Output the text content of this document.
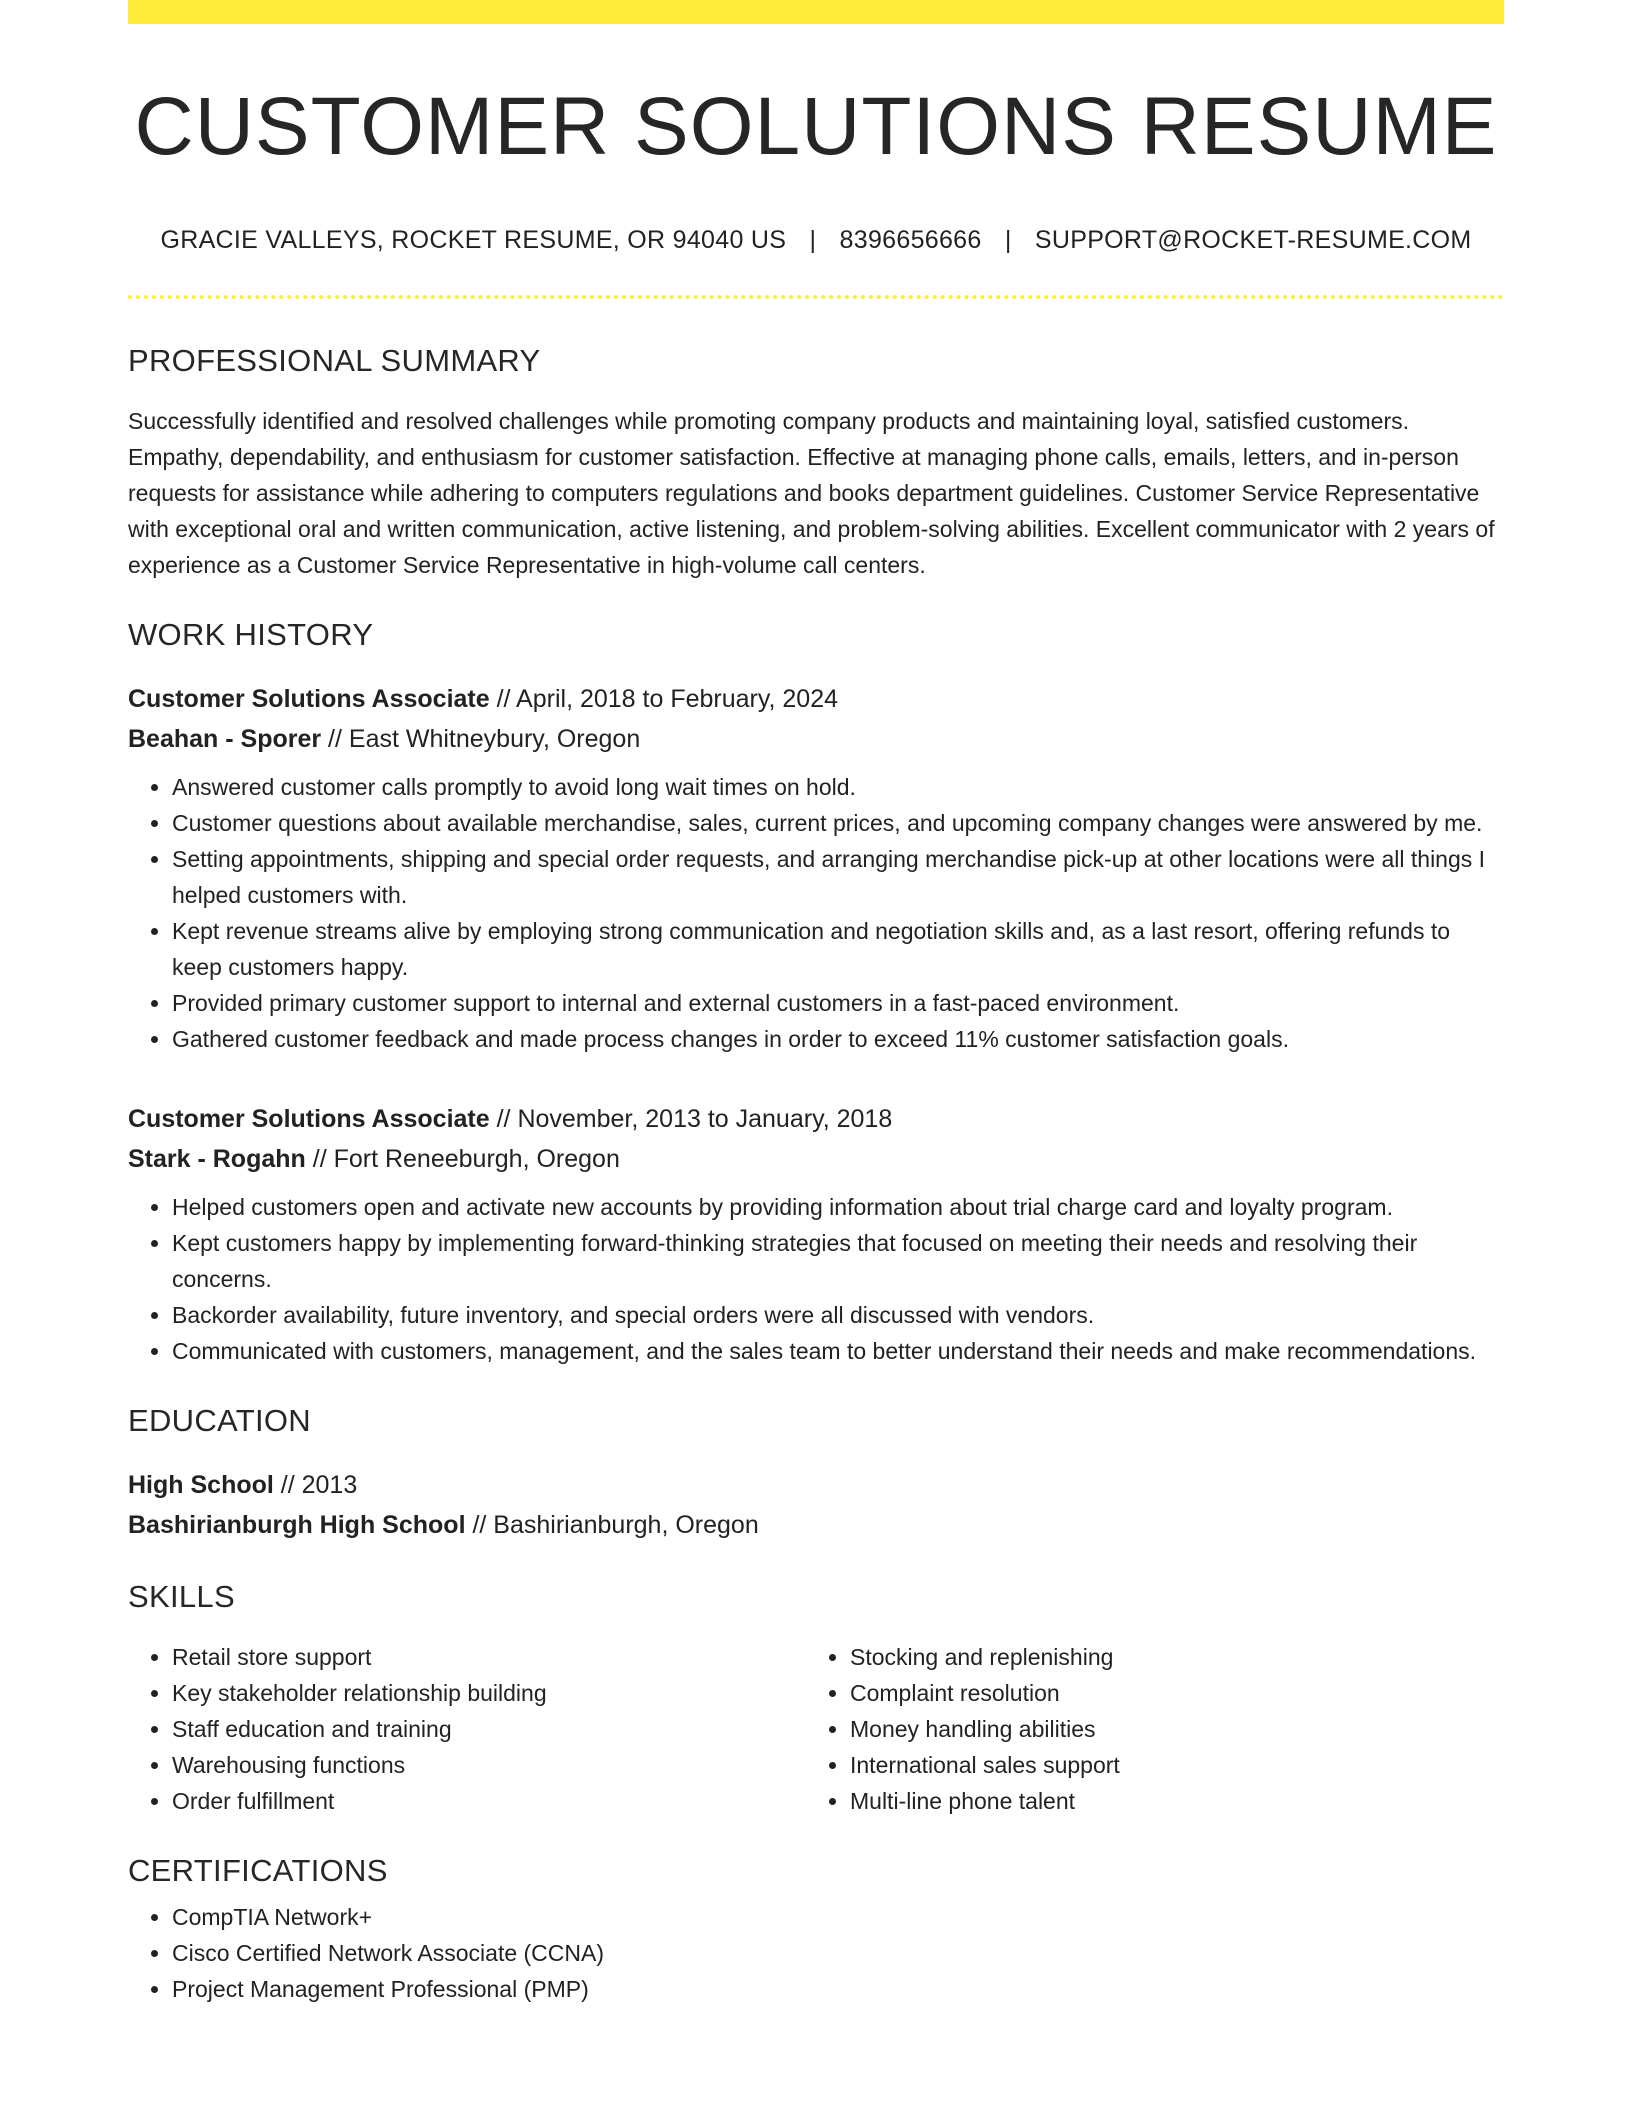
CUSTOMER SOLUTIONS RESUME
GRACIE VALLEYS, ROCKET RESUME, OR 94040 US | 8396656666 | SUPPORT@ROCKET-RESUME.COM
PROFESSIONAL SUMMARY
Successfully identified and resolved challenges while promoting company products and maintaining loyal, satisfied customers. Empathy, dependability, and enthusiasm for customer satisfaction. Effective at managing phone calls, emails, letters, and in-person requests for assistance while adhering to computers regulations and books department guidelines. Customer Service Representative with exceptional oral and written communication, active listening, and problem-solving abilities. Excellent communicator with 2 years of experience as a Customer Service Representative in high-volume call centers.
WORK HISTORY
Customer Solutions Associate // April, 2018 to February, 2024
Beahan - Sporer // East Whitneybury, Oregon
• Answered customer calls promptly to avoid long wait times on hold.
• Customer questions about available merchandise, sales, current prices, and upcoming company changes were answered by me.
• Setting appointments, shipping and special order requests, and arranging merchandise pick-up at other locations were all things I helped customers with.
• Kept revenue streams alive by employing strong communication and negotiation skills and, as a last resort, offering refunds to keep customers happy.
• Provided primary customer support to internal and external customers in a fast-paced environment.
• Gathered customer feedback and made process changes in order to exceed 11% customer satisfaction goals.
Customer Solutions Associate // November, 2013 to January, 2018
Stark - Rogahn // Fort Reneeburgh, Oregon
• Helped customers open and activate new accounts by providing information about trial charge card and loyalty program.
• Kept customers happy by implementing forward-thinking strategies that focused on meeting their needs and resolving their concerns.
• Backorder availability, future inventory, and special orders were all discussed with vendors.
• Communicated with customers, management, and the sales team to better understand their needs and make recommendations.
EDUCATION
High School // 2013
Bashirianburgh High School // Bashirianburgh, Oregon
SKILLS
• Retail store support
• Key stakeholder relationship building
• Staff education and training
• Warehousing functions
• Order fulfillment
• Stocking and replenishing
• Complaint resolution
• Money handling abilities
• International sales support
• Multi-line phone talent
CERTIFICATIONS
• CompTIA Network+
• Cisco Certified Network Associate (CCNA)
• Project Management Professional (PMP)
